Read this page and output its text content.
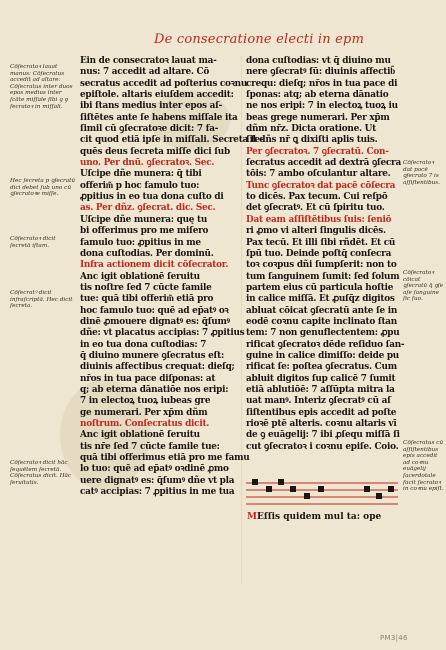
De consecratione electi in epm
Ein de consecratoꝛ lauat ma-
nus: 7 accedit ad altare. Cō
secratus accedit ad poſterius coꝛnu
epiſtole. altaris eiuſdem accedit:
ibi ſtans medius inter epos aſ-
ſiſtētes ante ſe habens miſſale ita
ſimil cū ꝯſecratoꝛe dicit: 7 fa-
cit quod etiā ipſe in miſſali. Secreta ſe-
quēs deus ſecreta miſſe dici ſub
uno. Per dnū. ꝯſecratoꝛ. Sec.
Uſcipe dñe munera: q̄ tibi
offerim͂ p hoc famulo tuo:
ꝓpitius in eo tua dona cuſto di
as. Per dñz. ꝯſecrat. dic. Sec.
Uſcipe dñe munera: quę tu
bi offerimus pro me miſero
famulo tuo: ꝓpitius in me
dona cuſtodias. Per dominū.
Infra actionem dicit cōſecrator.
Anc igit oblationē ſeruitu
tis noſtre ſed 7 cūcte famile
tue: quā tibi offerim͂ etiā pro
hoc famulo tuo: quē ad ep̄atꝰ oꝛ
dinē ꝓmouere dignatꝰ es: q̄ſumꝰ
dñe: vt placatus accipias: 7 ꝓpitius
in eo tua dona cuſtodias: 7
q̄ diuino munere ꝯſecratus eſt:
diuinis affectibus crequat: dieſq;
nr̄os in tua pace diſponas: at
q; ab eterna dānatiōe nos eripi:
7 in electoꝝ tuoꝝ iubeas gre
ge numerari. Per xp̄m dñm
noſtrum. Conſecratus dicit.
Anc igit oblationē ſeruitu
tis nr̄e ſed 7 cūcte famile tue:
quā tibi offerimus etiā pro me famu
lo tuo: quē ad ep̄atꝰ oꝛdinē ꝓmo
uere dignatꝰ es: q̄ſumꝰ dñe vt pla
catꝰ accipias: 7 ꝓpitius in me tua
dona cuſtodias: vt q̄ diuino mu
nere ꝯſecratꝰ ſū: diuinis affectib͂
crequ: dieſq; nr̄os in tua pace di
ſponas: atq; ab eterna dānatio
ne nos eripi: 7 in electoꝝ tuoꝝ iu
beas grege numerari. Per xp̄m
dñm nr̄z. Dicta oratione. Ut
ſit dñs nr̄ ꝗ dixiſti aplis tuis.
Per ꝯſecratoꝛ. 7 ꝯſecratū. Con-
ſecratus accedit ad dextrā ꝯſecra
tōis: 7 ambo oſculantur altare.
Tunc ꝯſecratoꝛ dat pacē cōſecra
to dicēs. Pax tecum. Cui reſpō
det ꝯſecratꝰ. Et cū ſpiritu tuo.
Dat eam aſſiſtētibus ſuis: ſeniō
ri ꝓmo vi alteri ſingulis dicēs.
Pax tecū. Et illi ſibi rñdēt. Et cū
ſpū tuo. Deinde poſtq̄ conſecra
toꝛ coꝛpus dñi ſumpſerit: non to
tum ſanguinem ſumit: ſed ſolum
partem eius cū particula hoſtie
in calice miſſā. Et ꝓuſq̄z digitos
abluat cōicat ꝯſecratū ante ſe in
eodē coꝛnu capite inclinato ſtan
tem: 7 non genuflectentem: ꝓpu
rificat ꝯſecratoꝛ dēde reſiduo ſan-
guine in calice dimiſſo: deide pu
rificat ſe: poſtea ꝯſecratus. Cum
abluit digitos ſup calicē 7 ſumit
etiā ablutiōē: 7 aſſūpta mitra la
uat manꝰ. Interiz ꝯſecratꝰ cū aſ
ſiſtentibus epis accedit ad poſte
rioꝛē ptē alteris. coꝛnu altaris vī
de ꝯ euāgelij: 7 ibi ꝓſequ miſſā ſi
cut ꝯſecratoꝛ i coꝛnu epiſe. Coio.
Cōſecratoꝛ lauat manus: Cōſecratus accedit ad altare: Cōſecratus inter duos epos medius inter ſcāte miſſale ſibi ꝯ ꝯ ſecratoꝛ in miſſali.
Hec ſecreta p ꝯſecratū dici debet ſub uno cū ꝯſecratoꝛe miſſe.
Cōſecratoꝛ dicit ſecretā iſtam.
Cōſecratꝰ dicit infraſcriptā. Hec dicit ſecreta.
Cōſecratoꝛ dicit hāc ſequētem ſecretā. Cōſecratus dicit. Hāc ſeruitutis.
Cōſecratoꝛ dat pacē ꝯſecrato 7 is aſſiſtentibus.
Cōſecratoꝛ cōicat ꝯſecratū q̄ ꝯſe aſe ſanguine ſic ſuo.
Cōſecratus cū aſſiſtentibus epis accedit ad coꝛnu euāgelij ſacerdotale facit ſecratoꝛ in coꝛnu epiſt.
MEſſis quidem mul ta: ope
PM3|46
